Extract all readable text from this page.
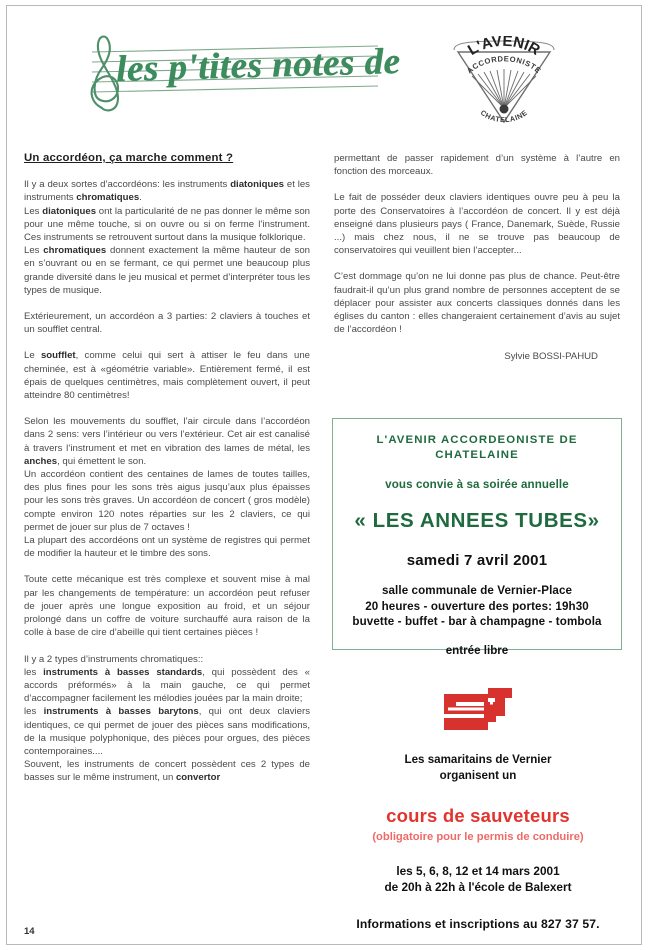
les p'tites notes de	L'AVENIR
ACCORDEONISTE
CHATELAINE
Un accordéon, ça marche comment ?

Il y a deux sortes d’accordéons: les instruments diatoniques et les instruments chromatiques.

Les diatoniques ont la particularité de ne pas donner le même son pour une même touche, si on ouvre ou si on ferme l’instrument. Ces instruments se retrouvent surtout dans la musique folklorique.

Les chromatiques donnent exactement la même hauteur de son en s’ouvrant ou en se fermant, ce qui permet une beaucoup plus grande diversité dans le jeu musical et permet d’interpréter tous les types de musique.

Extérieurement, un accordéon a 3 parties: 2 claviers à touches et un soufflet central.

Le soufflet, comme celui qui sert à attiser le feu dans une cheminée, est à «géométrie variable». Entièrement fermé, il est épais de quelques centimètres, mais complètement ouvert, il peut atteindre 80 centimètres!

Selon les mouvements du soufflet, l’air circule dans l’accordéon dans 2 sens: vers l’intérieur ou vers l’extérieur. Cet air est canalisé à travers l’instrument et met en vibration des lames de métal, les anches, qui émettent le son.

Un accordéon contient des centaines de lames de toutes tailles, des plus fines pour les sons très aigus jusqu’aux plus épaisses pour les sons très graves. Un accordéon de concert ( gros modèle) compte environ 120 notes réparties sur les 2 claviers, ce qui permet de jouer sur plus de 7 octaves !

La plupart des accordéons ont un système de registres qui permet de modifier la hauteur et le timbre des sons.

Toute cette mécanique est très complexe et souvent mise à mal par les changements de température: un accordéon peut refuser de jouer après une longue exposition au froid, et un séjour prolongé dans un coffre de voiture surchauffé aura raison de la colle à base de cire d’abeille qui tient certaines pièces !

Il y a 2 types d’instruments chromatiques::

les instruments à basses standards, qui possèdent des « accords préformés» à la main gauche, ce qui permet d’accompagner facilement les mélodies jouées par la main droite;

les instruments à basses barytons, qui ont deux claviers identiques, ce qui permet de jouer des pièces sans modifications, de la musique polyphonique, des pièces pour orgues, des pièces contemporaines....

Souvent, les instruments de concert possèdent ces 2 types de basses sur le même instrument, un convertor

permettant de passer rapidement d’un système à l’autre en fonction des morceaux.

Le fait de posséder deux claviers identiques ouvre peu à peu la porte des Conservatoires à l’accordéon de concert. Il y est déjà enseigné dans plusieurs pays ( France, Danemark, Suède, Russie ...) mais chez nous, il ne se trouve pas beaucoup de conservatoires qui veuillent bien l’accepter...

C’est dommage qu’on ne lui donne pas plus de chance. Peut-être faudrait-il qu’un plus grand nombre de personnes acceptent de se déplacer pour assister aux concerts classiques donnés dans les églises du canton : elles changeraient certainement d’avis au sujet de l’accordéon !

Sylvie BOSSI-PAHUD
14
L'AVENIR ACCORDEONISTE DE
CHATELAINE
vous convie à sa soirée annuelle
« LES ANNEES TUBES»
samedi 7 avril 2001
salle communale de Vernier-Place
20 heures - ouverture des portes: 19h30
buvette - buffet - bar à champagne - tombola
entrée libre
Les samaritains de Vernier
organisent un
cours de sauveteurs
(obligatoire pour le permis de conduire)
les 5, 6, 8, 12 et 14 mars 2001
de 20h à 22h à l'école de Balexert
Informations et inscriptions au 827 37 57.
